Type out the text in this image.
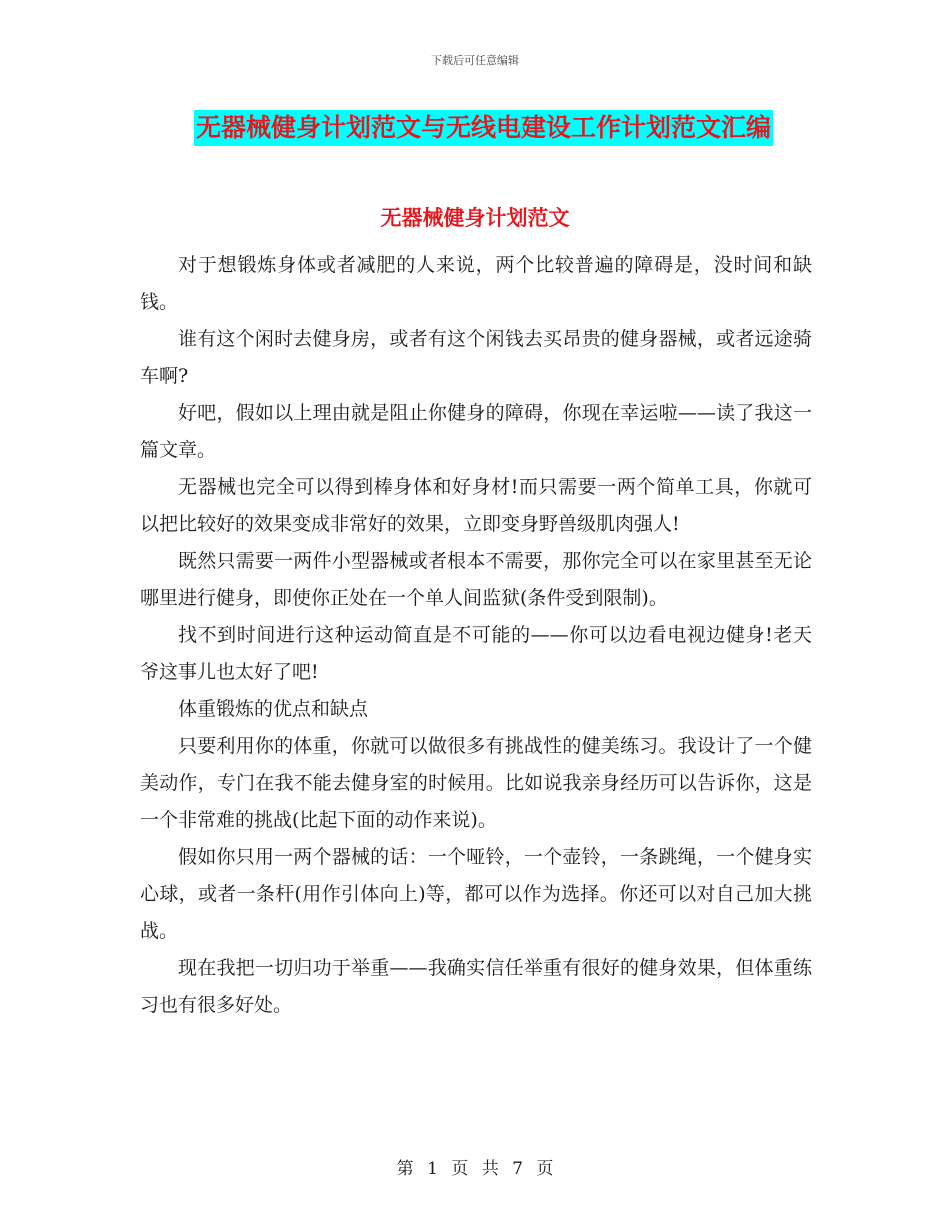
下载后可任意编辑
无器械健身计划范文与无线电建设工作计划范文汇编
无器械健身计划范文

对于想锻炼身体或者减肥的人来说，两个比较普遍的障碍是，没时间和缺钱。

谁有这个闲时去健身房，或者有这个闲钱去买昂贵的健身器械，或者远途骑车啊?

好吧，假如以上理由就是阻止你健身的障碍，你现在幸运啦——读了我这一篇文章。

无器械也完全可以得到棒身体和好身材!而只需要一两个简单工具，你就可以把比较好的效果变成非常好的效果，立即变身野兽级肌肉强人!

既然只需要一两件小型器械或者根本不需要，那你完全可以在家里甚至无论哪里进行健身，即使你正处在一个单人间监狱(条件受到限制)。

找不到时间进行这种运动简直是不可能的——你可以边看电视边健身!老天爷这事儿也太好了吧!

体重锻炼的优点和缺点

只要利用你的体重，你就可以做很多有挑战性的健美练习。我设计了一个健美动作，专门在我不能去健身室的时候用。比如说我亲身经历可以告诉你，这是一个非常难的挑战(比起下面的动作来说)。

假如你只用一两个器械的话：一个哑铃，一个壶铃，一条跳绳，一个健身实心球，或者一条杆(用作引体向上)等，都可以作为选择。你还可以对自己加大挑战。

现在我把一切归功于举重——我确实信任举重有很好的健身效果，但体重练习也有很多好处。

第 1 页 共 7 页
